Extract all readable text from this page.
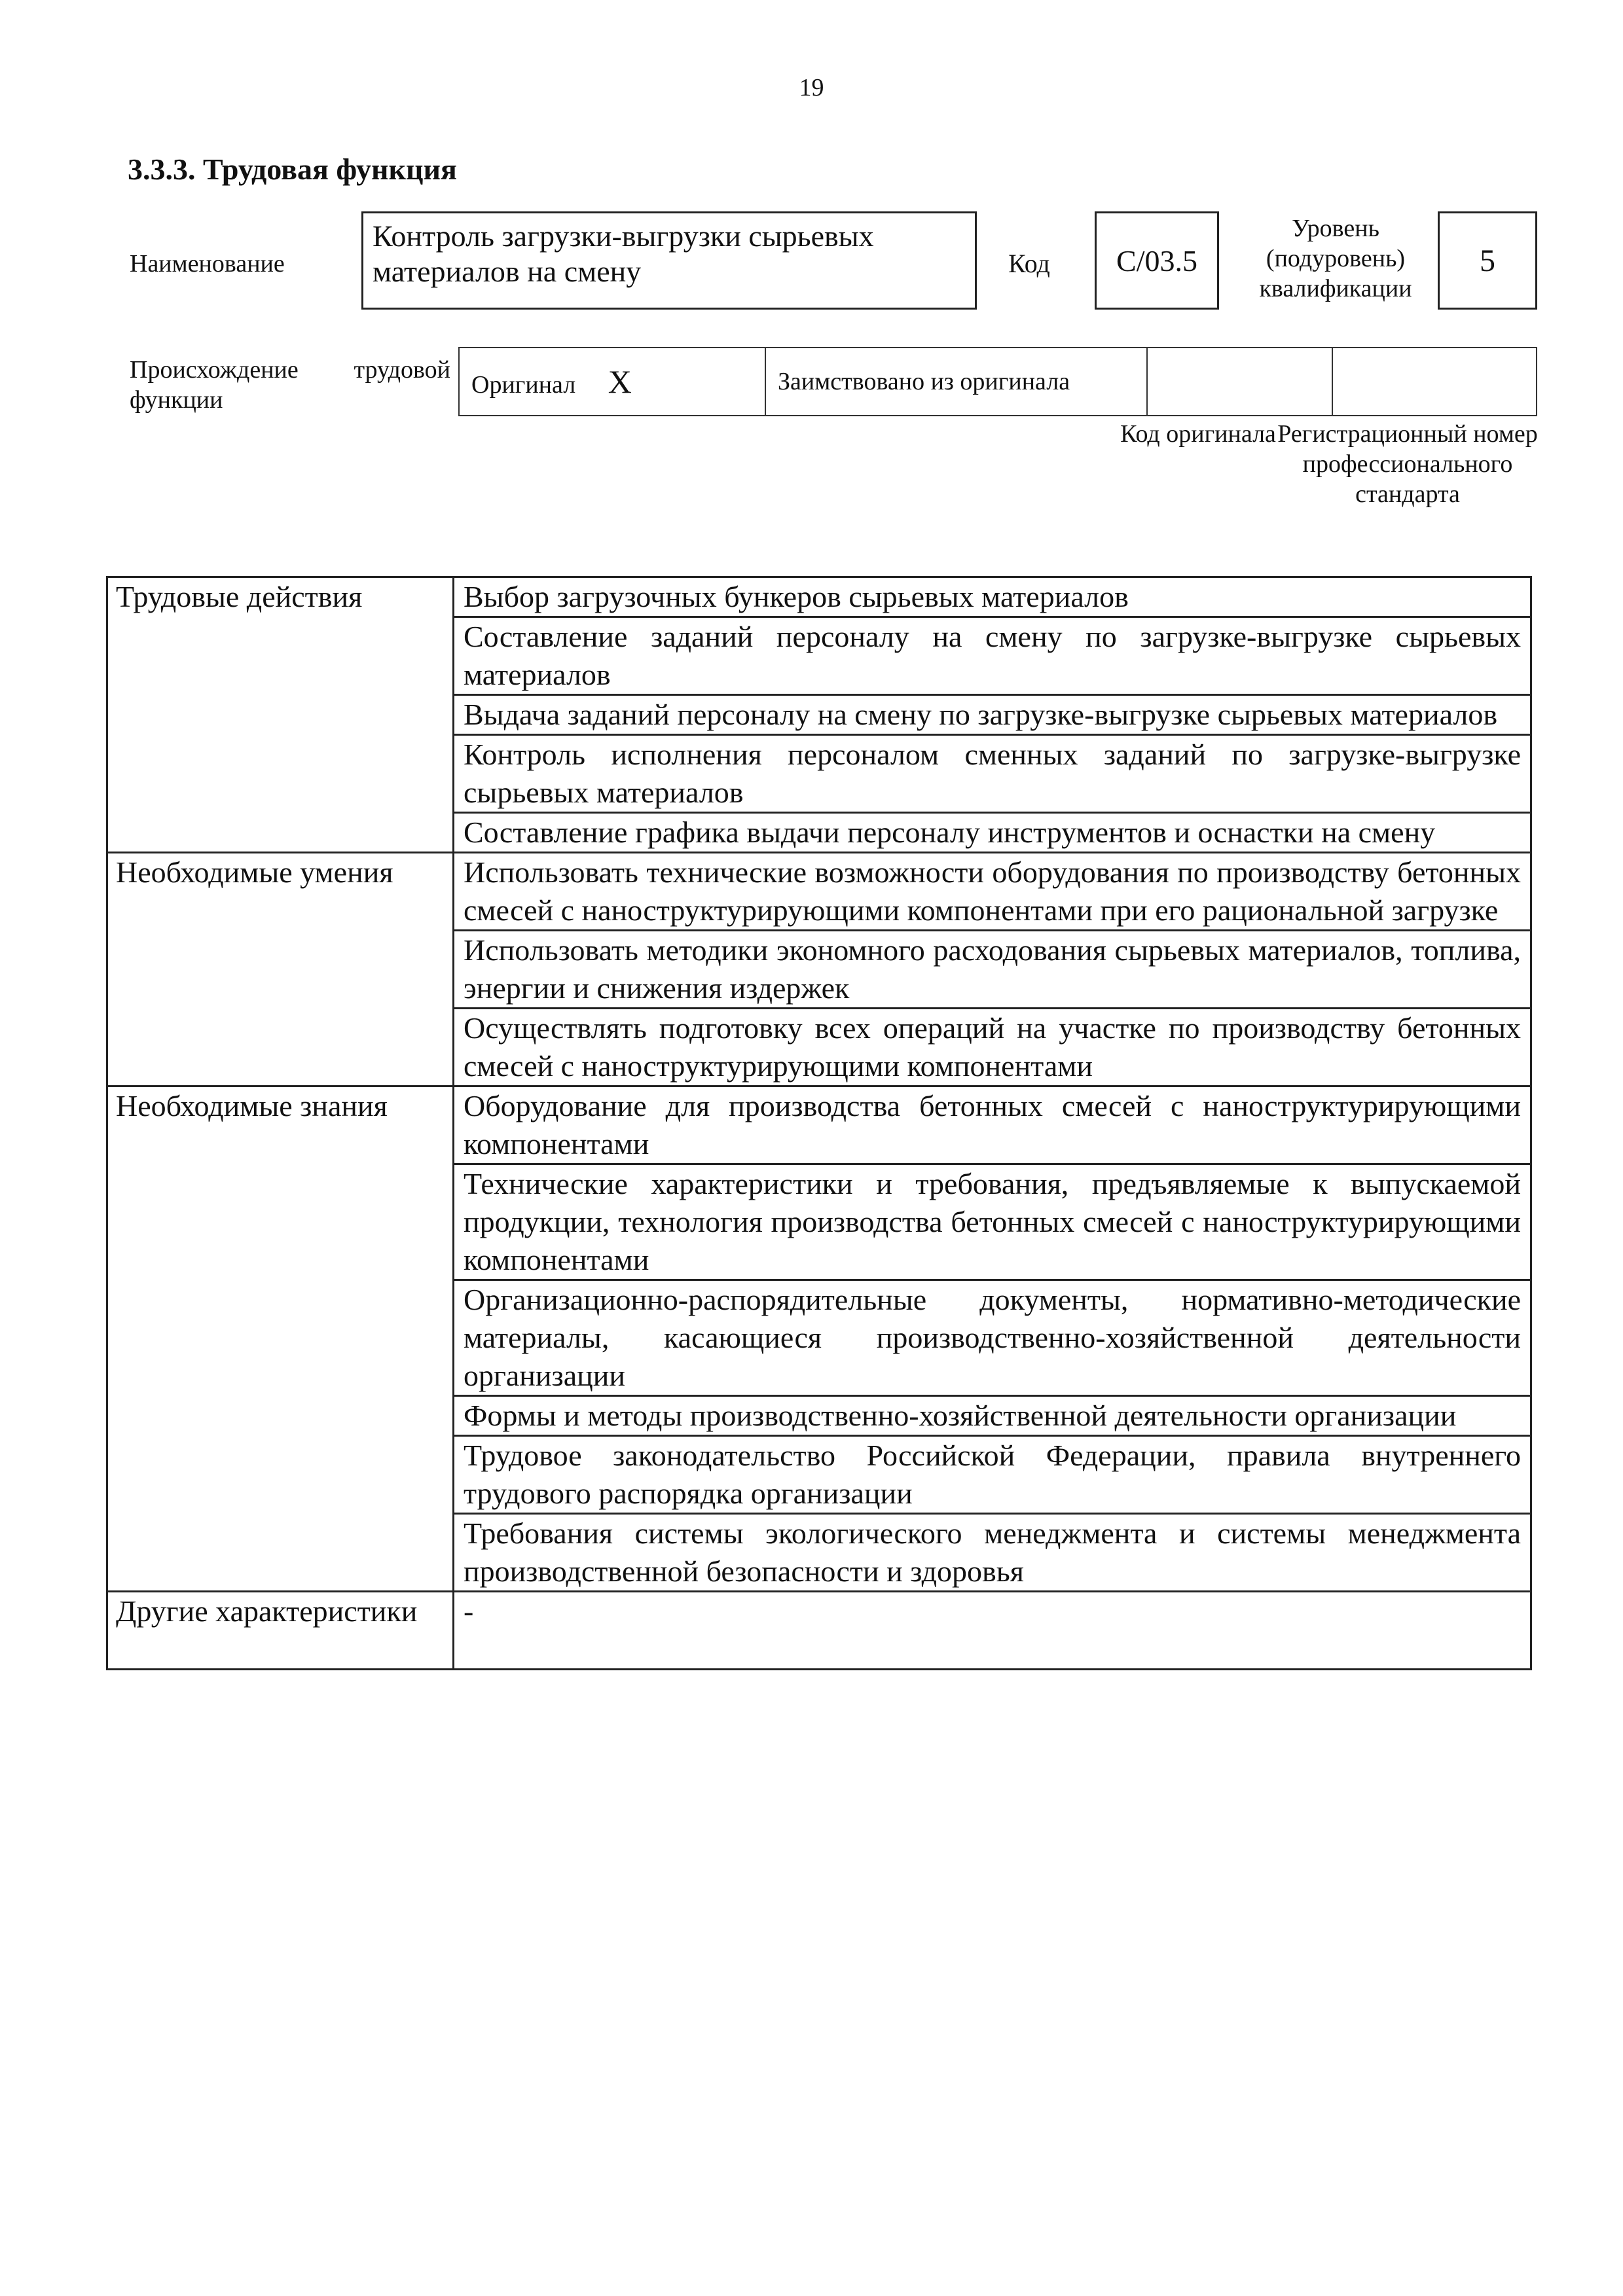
19
3.3.3. Трудовая функция
Наименование
Контроль загрузки-выгрузки сырьевых материалов на смену	Код C/03.5
Уровень (подуровень) квалификации
5
Происхождение трудовой функции
Оригинал X	Заимствовано из оригинала		
Код оригинала Регистрационный номер профессионального стандарта
Трудовые действия	Выбор загрузочных бункеров сырьевых материалов
	Составление заданий персоналу на смену по загрузке-выгрузке сырьевых материалов
	Выдача заданий персоналу на смену по загрузке-выгрузке сырьевых материалов
	Контроль исполнения персоналом сменных заданий по загрузке-выгрузке сырьевых материалов
	Составление графика выдачи персоналу инструментов и оснастки на смену
Необходимые умения	Использовать технические возможности оборудования по производству бетонных смесей с наноструктурирующими компонентами при его рациональной загрузке
	Использовать методики экономного расходования сырьевых материалов, топлива, энергии и снижения издержек
	Осуществлять подготовку всех операций на участке по производству бетонных смесей с наноструктурирующими компонентами
Необходимые знания	Оборудование для производства бетонных смесей с наноструктурирующими компонентами
	Технические характеристики и требования, предъявляемые к выпускаемой продукции, технология производства бетонных смесей с наноструктурирующими компонентами
	Организационно-распорядительные документы, нормативно-методические материалы, касающиеся производственно-хозяйственной деятельности организации
	Формы и методы производственно-хозяйственной деятельности организации
	Трудовое законодательство Российской Федерации, правила внутреннего трудового распорядка организации
	Требования системы экологического менеджмента и системы менеджмента производственной безопасности и здоровья
Другие характеристики	-
